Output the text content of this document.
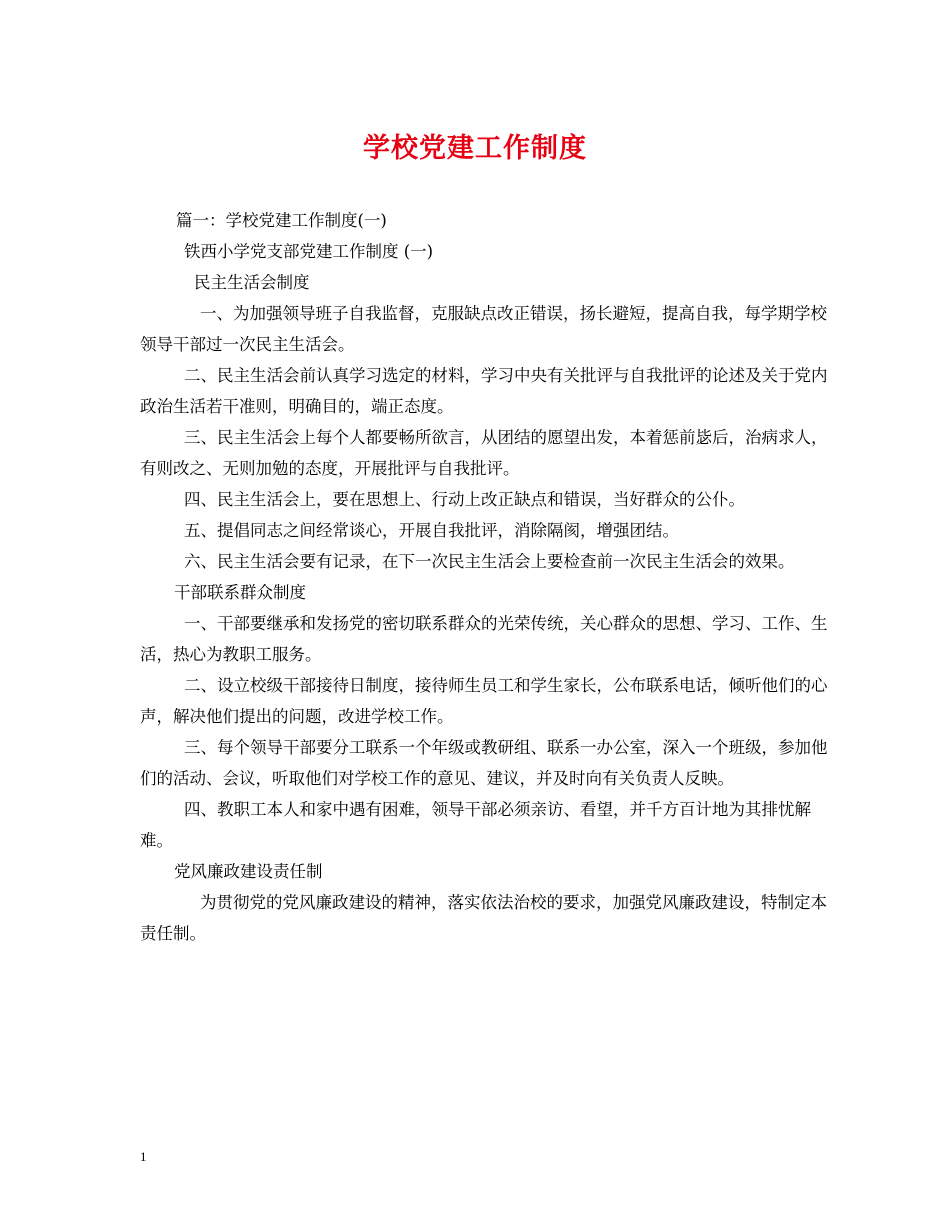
学校党建工作制度

篇一：学校党建工作制度(一)

铁西小学党支部党建工作制度 (一)

民主生活会制度

一、为加强领导班子自我监督，克服缺点改正错误，扬长避短，提高自我，每学期学校领导干部过一次民主生活会。

二、民主生活会前认真学习选定的材料，学习中央有关批评与自我批评的论述及关于党内政治生活若干准则，明确目的，端正态度。

三、民主生活会上每个人都要畅所欲言，从团结的愿望出发，本着惩前毖后，治病求人，有则改之、无则加勉的态度，开展批评与自我批评。

四、民主生活会上，要在思想上、行动上改正缺点和错误，当好群众的公仆。

五、提倡同志之间经常谈心，开展自我批评，消除隔阂，增强团结。

六、民主生活会要有记录，在下一次民主生活会上要检查前一次民主生活会的效果。

干部联系群众制度

一、干部要继承和发扬党的密切联系群众的光荣传统，关心群众的思想、学习、工作、生活，热心为教职工服务。

二、设立校级干部接待日制度，接待师生员工和学生家长，公布联系电话，倾听他们的心声，解决他们提出的问题，改进学校工作。

三、每个领导干部要分工联系一个年级或教研组、联系一办公室，深入一个班级，参加他们的活动、会议，听取他们对学校工作的意见、建议，并及时向有关负责人反映。

四、教职工本人和家中遇有困难，领导干部必须亲访、看望，并千方百计地为其排忧解难。

党风廉政建设责任制

为贯彻党的党风廉政建设的精神，落实依法治校的要求，加强党风廉政建设，特制定本责任制。

1
